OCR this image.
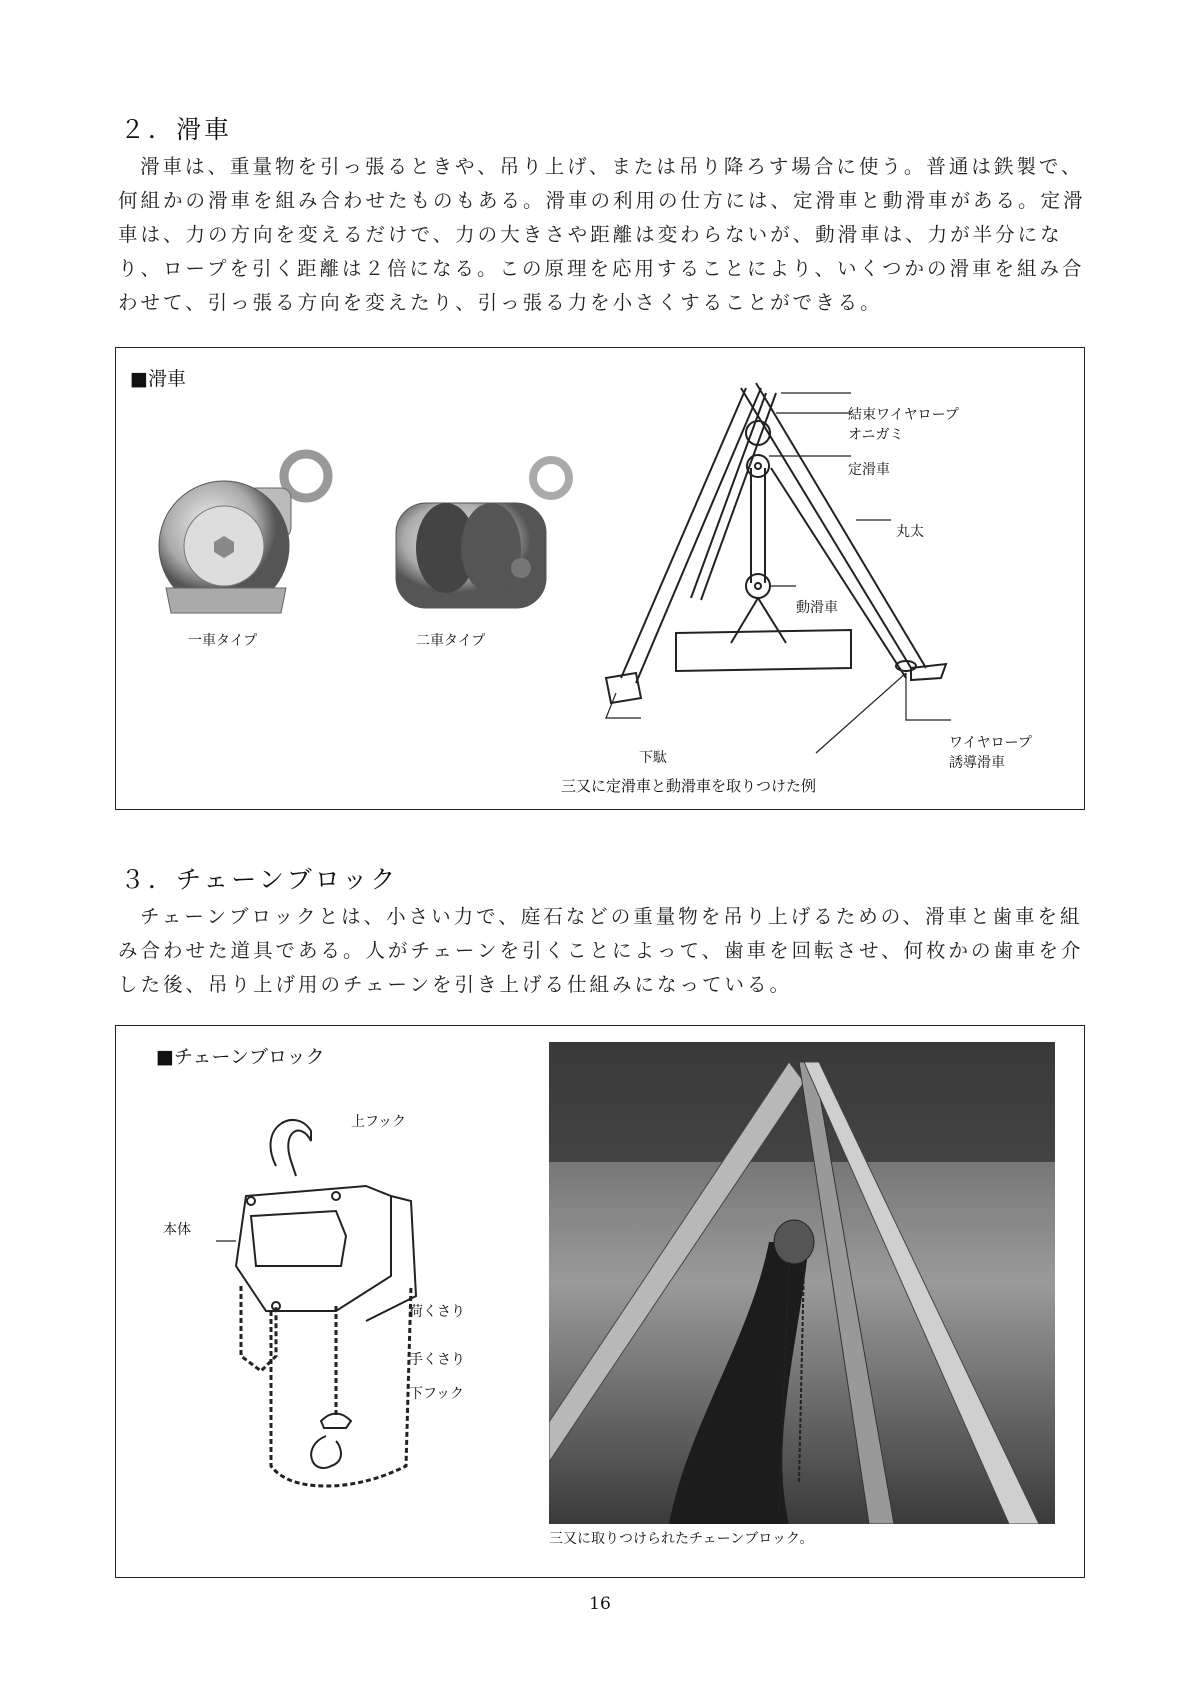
２．滑車

滑車は、重量物を引っ張るときや、吊り上げ、または吊り降ろす場合に使う。普通は鉄製で、何組かの滑車を組み合わせたものもある。滑車の利用の仕方には、定滑車と動滑車がある。定滑車は、力の方向を変えるだけで、力の大きさや距離は変わらないが、動滑車は、力が半分になり、ロープを引く距離は２倍になる。この原理を応用することにより、いくつかの滑車を組み合わせて、引っ張る方向を変えたり、引っ張る力を小さくすることができる。

■滑車
一車タイプ	二車タイプ
結束ワイヤロープ
オニガミ
定滑車
丸太
動滑車
下駄
ワイヤロープ
誘導滑車
三又に定滑車と動滑車を取りつけた例
３．チェーンブロック

チェーンブロックとは、小さい力で、庭石などの重量物を吊り上げるための、滑車と歯車を組み合わせた道具である。人がチェーンを引くことによって、歯車を回転させ、何枚かの歯車を介した後、吊り上げ用のチェーンを引き上げる仕組みになっている。

■チェーンブロック
上フック
本体
荷くさり
手くさり
下フック
三又に取りつけられたチェーンブロック。
16
